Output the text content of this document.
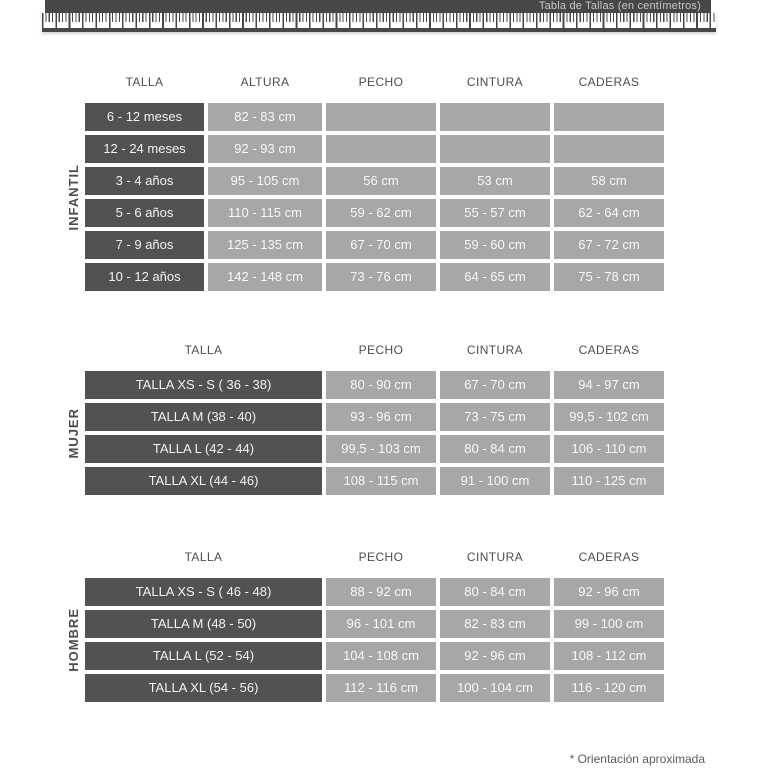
Tabla de Tallas (en centímetros)
TALLA	ALTURA	PECHO	CINTURA	CADERAS
INFANTIL
6 - 12 meses	82 - 83 cm
12 - 24 meses	92 - 93 cm
3 - 4 años	95 - 105 cm	56 cm	53 cm	58 cm
5 - 6 años	110 - 115 cm	59 - 62 cm	55 - 57 cm	62 - 64 cm
7 - 9 años	125 - 135 cm	67 - 70 cm	59 - 60 cm	67 - 72 cm
10 - 12 años	142 - 148 cm	73 - 76 cm	64 - 65 cm	75 - 78 cm
TALLA	PECHO	CINTURA	CADERAS
MUJER
TALLA XS - S ( 36 - 38)	80 - 90 cm	67 - 70 cm	94 - 97 cm
TALLA M (38 - 40)	93 - 96 cm	73 - 75 cm	99,5 - 102 cm
TALLA L (42 - 44)	99,5 - 103 cm	80 - 84 cm	106 - 110 cm
TALLA XL (44 - 46)	108 - 115 cm	91 - 100 cm	110 - 125 cm
TALLA	PECHO	CINTURA	CADERAS
HOMBRE
TALLA XS - S ( 46 - 48)	88 - 92 cm	80 - 84 cm	92 - 96 cm
TALLA M (48 - 50)	96 - 101 cm	82 - 83 cm	99 - 100 cm
TALLA L (52 - 54)	104 - 108 cm	92 - 96 cm	108 - 112 cm
TALLA XL (54 - 56)	112 - 116 cm	100 - 104 cm	116 - 120 cm
* Orientación aproximada
